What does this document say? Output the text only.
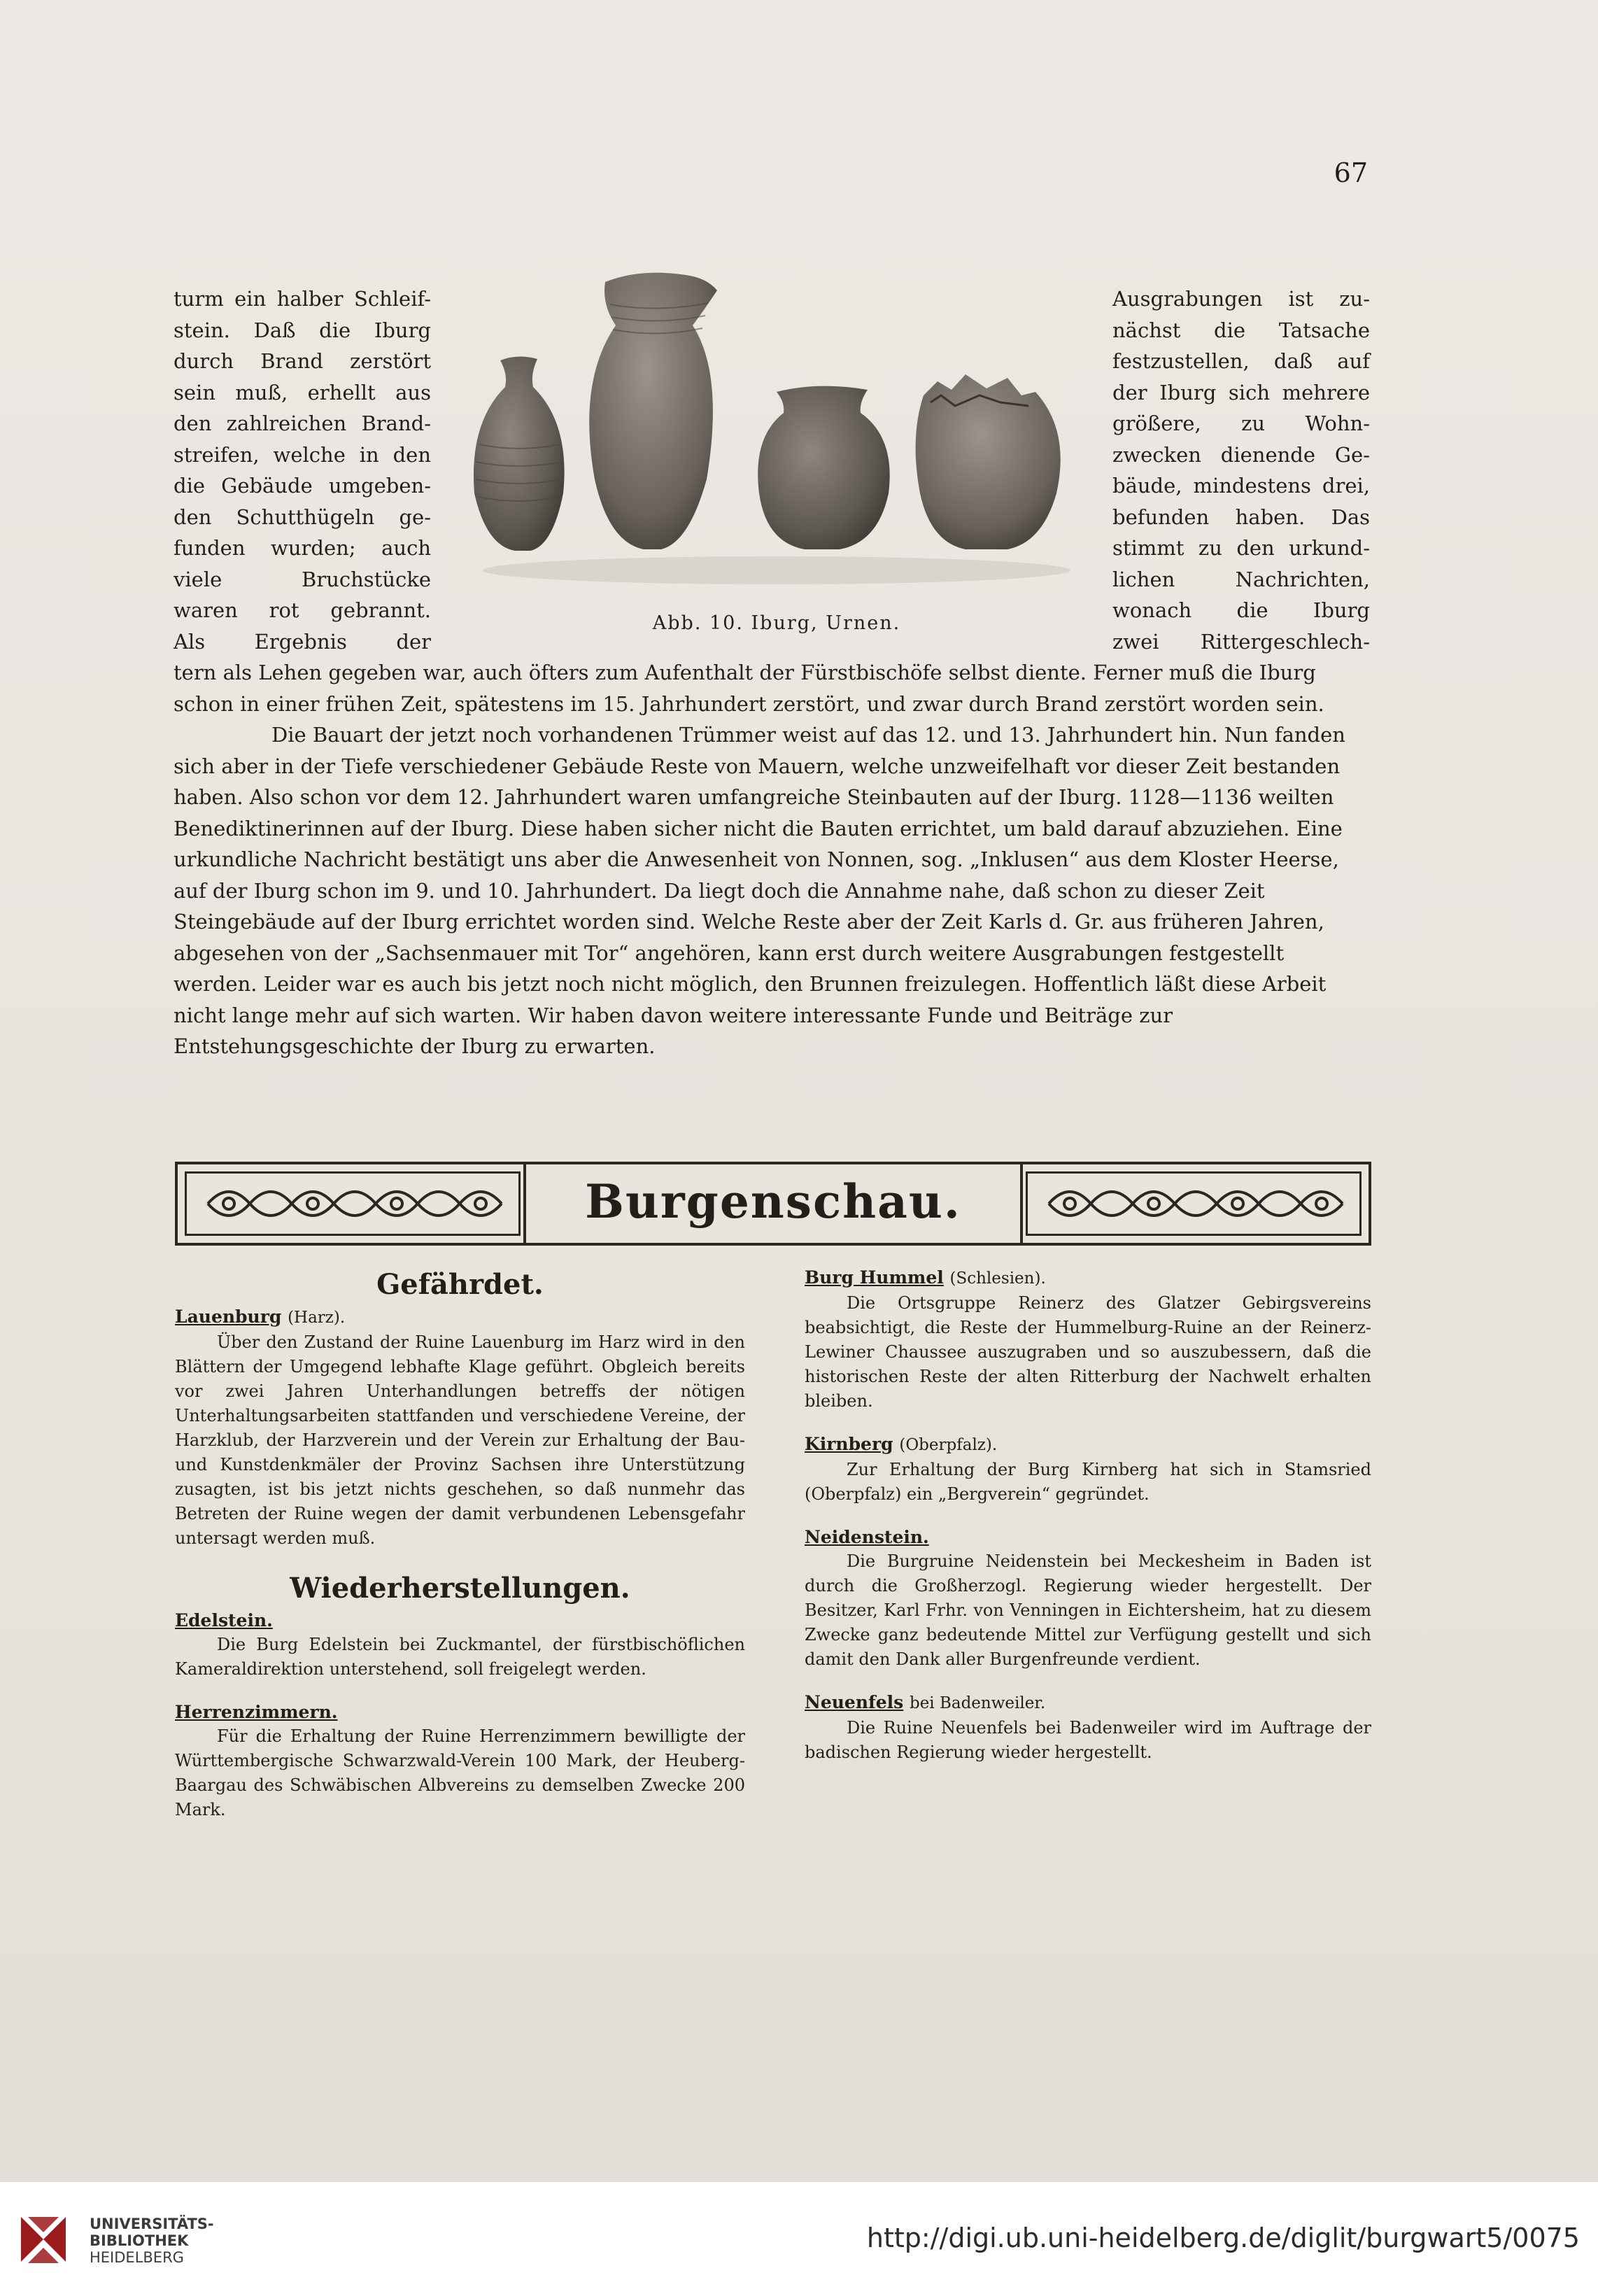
67

turm ein halber Schleif-

stein. Daß die Iburg

durch Brand zerstört

sein muß, erhellt aus

den zahlreichen Brand-

streifen, welche in den

die Gebäude umgeben-

den Schutthügeln ge-

funden wurden; auch

viele Bruchstücke

waren rot gebrannt.

Als Ergebnis der

Ausgrabungen ist zu-

nächst die Tatsache

festzustellen, daß auf

der Iburg sich mehrere

größere, zu Wohn-

zwecken dienende Ge-

bäude, mindestens drei,

befunden haben. Das

stimmt zu den urkund-

lichen Nachrichten,

wonach die Iburg

zwei Rittergeschlech-

Abb. 10. Iburg, Urnen.

tern als Lehen gegeben war, auch öfters zum Aufenthalt der Fürstbischöfe selbst diente. Ferner muß die Iburg schon in einer frühen Zeit, spätestens im 15. Jahrhundert zerstört, und zwar durch Brand zerstört worden sein.

Die Bauart der jetzt noch vorhandenen Trümmer weist auf das 12. und 13. Jahrhundert hin. Nun fanden sich aber in der Tiefe verschiedener Gebäude Reste von Mauern, welche unzweifelhaft vor dieser Zeit bestanden haben. Also schon vor dem 12. Jahrhundert waren umfangreiche Steinbauten auf der Iburg. 1128—1136 weilten Benediktinerinnen auf der Iburg. Diese haben sicher nicht die Bauten errichtet, um bald darauf abzuziehen. Eine urkundliche Nachricht bestätigt uns aber die Anwesenheit von Nonnen, sog. „Inklusen“ aus dem Kloster Heerse, auf der Iburg schon im 9. und 10. Jahrhundert. Da liegt doch die Annahme nahe, daß schon zu dieser Zeit Steingebäude auf der Iburg errichtet worden sind. Welche Reste aber der Zeit Karls d. Gr. aus früheren Jahren, abgesehen von der „Sachsenmauer mit Tor“ angehören, kann erst durch weitere Ausgrabungen festgestellt werden. Leider war es auch bis jetzt noch nicht möglich, den Brunnen freizulegen. Hoffentlich läßt diese Arbeit nicht lange mehr auf sich warten. Wir haben davon weitere interessante Funde und Beiträge zur Entstehungsgeschichte der Iburg zu erwarten.

Burgenschau.
Gefährdet.

Lauenburg (Harz).

Über den Zustand der Ruine Lauenburg im Harz wird in den Blättern der Umgegend lebhafte Klage geführt. Obgleich bereits vor zwei Jahren Unterhandlungen betreffs der nötigen Unterhaltungsarbeiten stattfanden und verschiedene Vereine, der Harzklub, der Harzverein und der Verein zur Erhaltung der Bau- und Kunstdenkmäler der Provinz Sachsen ihre Unterstützung zusagten, ist bis jetzt nichts geschehen, so daß nunmehr das Betreten der Ruine wegen der damit verbundenen Lebensgefahr untersagt werden muß.

Wiederherstellungen.

Edelstein.

Die Burg Edelstein bei Zuckmantel, der fürstbischöflichen Kameraldirektion unterstehend, soll freigelegt werden.

Herrenzimmern.

Für die Erhaltung der Ruine Herrenzimmern bewilligte der Württembergische Schwarzwald-Verein 100 Mark, der Heuberg-Baargau des Schwäbischen Albvereins zu demselben Zwecke 200 Mark.

Burg Hummel (Schlesien).

Die Ortsgruppe Reinerz des Glatzer Gebirgsvereins beabsichtigt, die Reste der Hummelburg-Ruine an der Reinerz-Lewiner Chaussee auszugraben und so auszubessern, daß die historischen Reste der alten Ritterburg der Nachwelt erhalten bleiben.

Kirnberg (Oberpfalz).

Zur Erhaltung der Burg Kirnberg hat sich in Stamsried (Oberpfalz) ein „Bergverein“ gegründet.

Neidenstein.

Die Burgruine Neidenstein bei Meckesheim in Baden ist durch die Großherzogl. Regierung wieder hergestellt. Der Besitzer, Karl Frhr. von Venningen in Eichtersheim, hat zu diesem Zwecke ganz bedeutende Mittel zur Verfügung gestellt und sich damit den Dank aller Burgenfreunde verdient.

Neuenfels bei Badenweiler.

Die Ruine Neuenfels bei Badenweiler wird im Auftrage der badischen Regierung wieder hergestellt.

UNIVERSITÄTS-
BIBLIOTHEK
HEIDELBERG
http://digi.ub.uni-heidelberg.de/diglit/burgwart5/0075
